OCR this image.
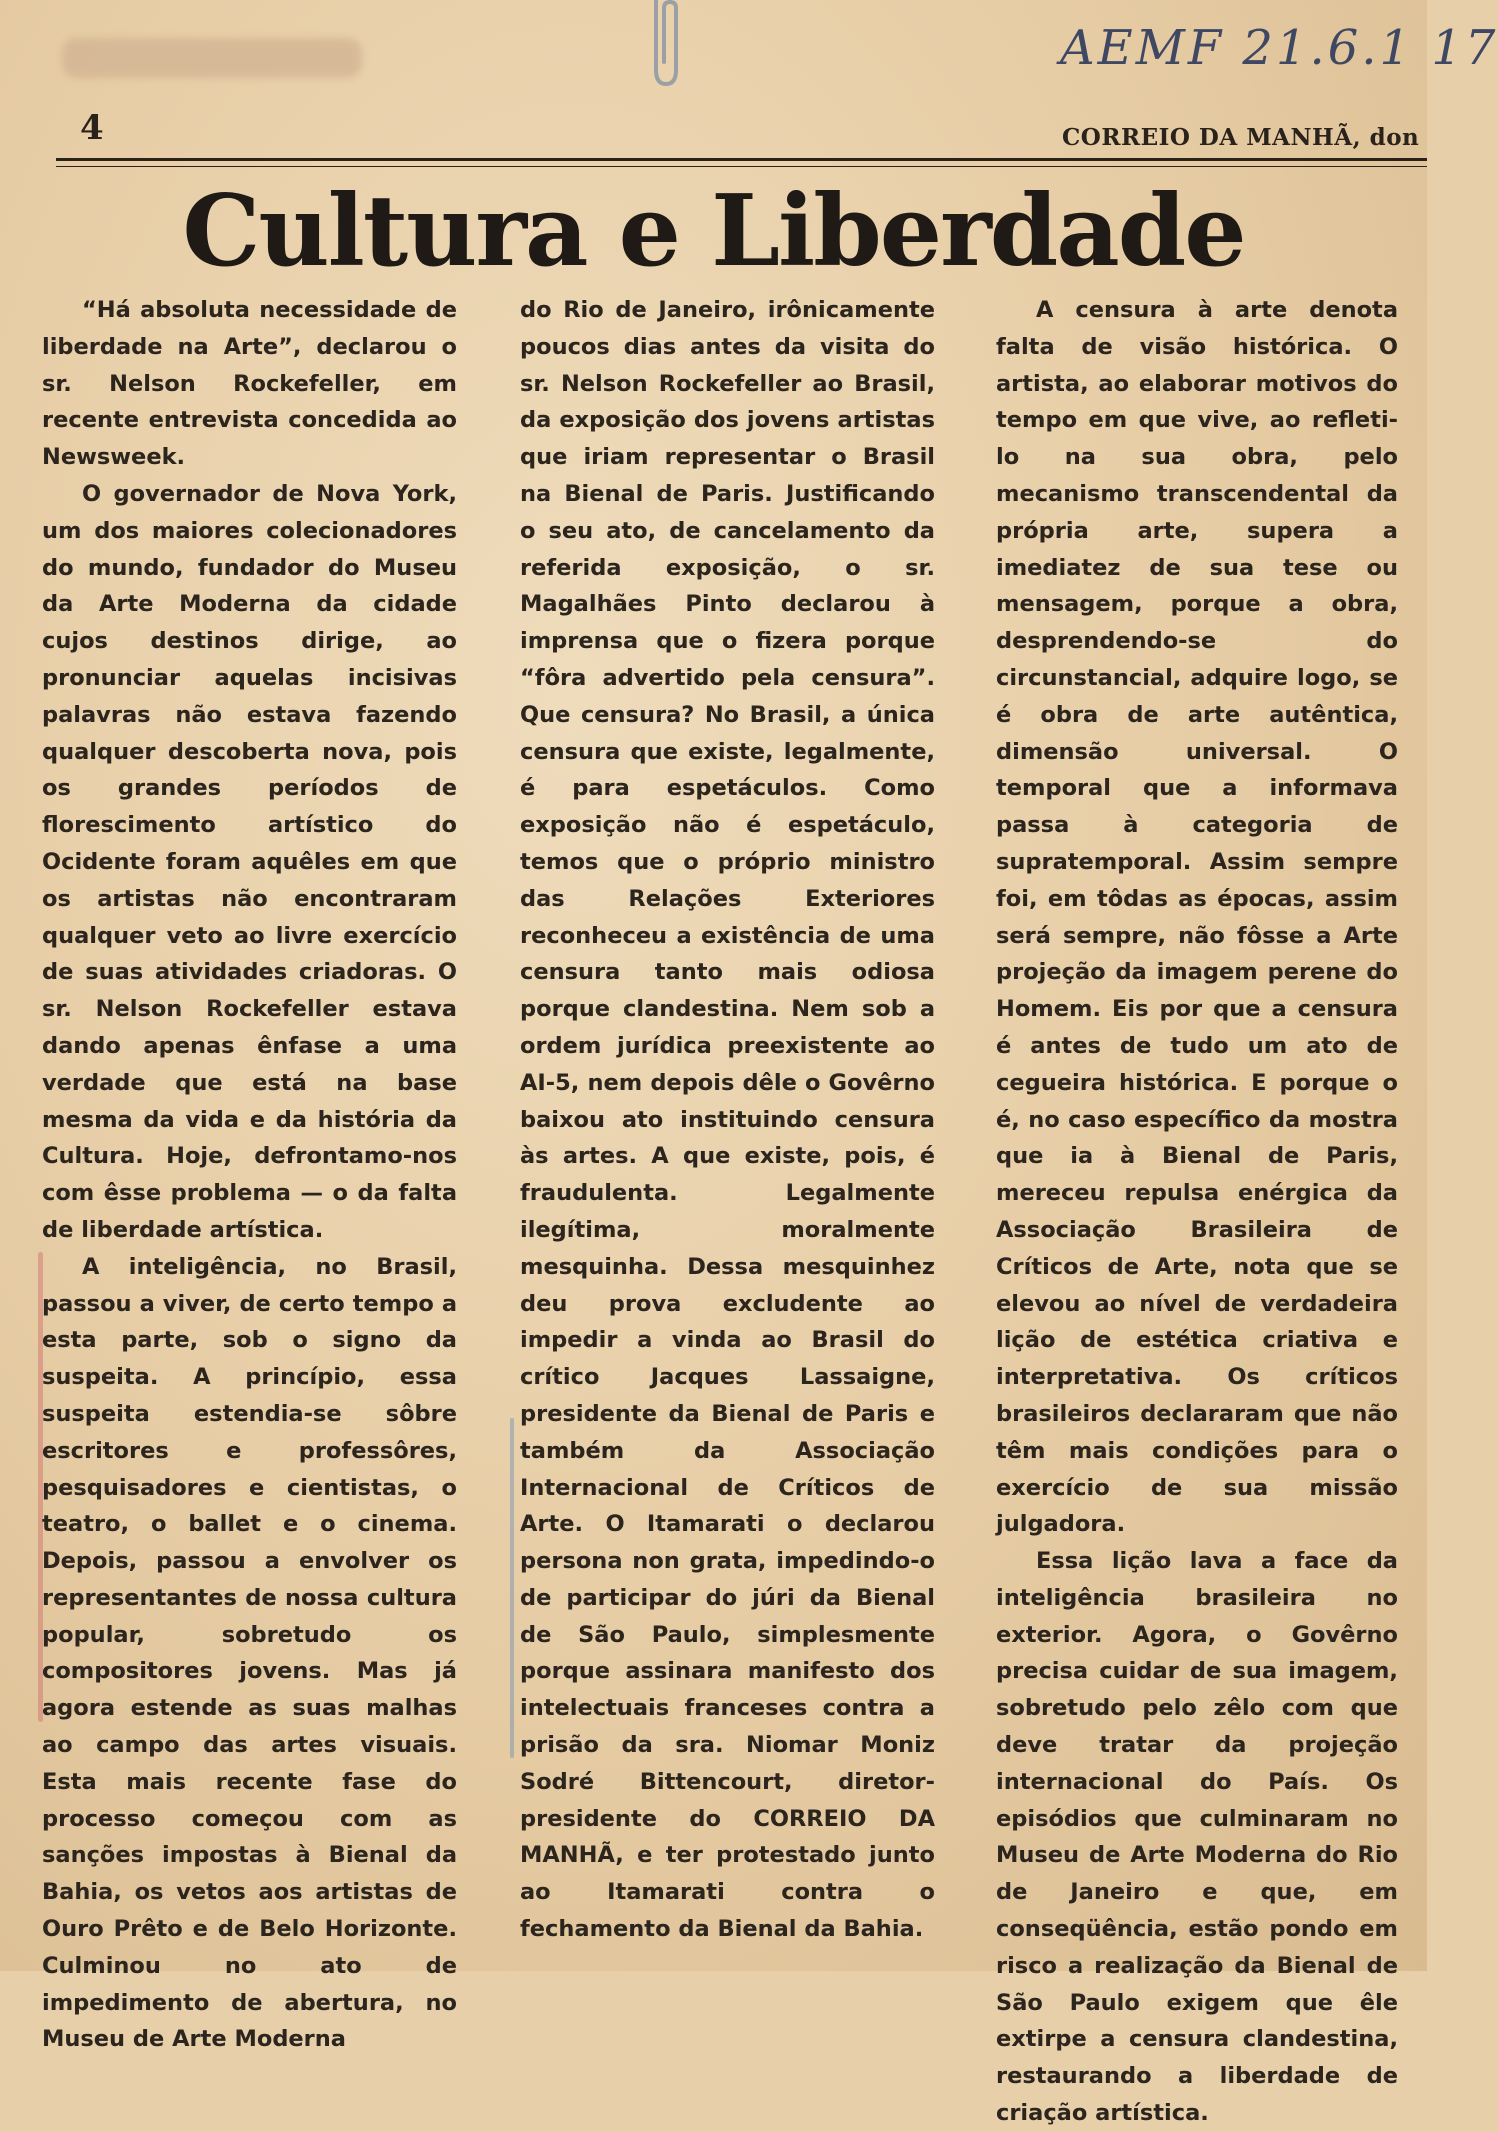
AEMF 21.6.1 17
4	CORREIO DA MANHÃ, don
Cultura e Liberdade

“Há absoluta necessidade de liberdade na Arte”, declarou o sr. Nelson Rockefeller, em recente entrevista concedida ao Newsweek.

O governador de Nova York, um dos maiores colecionadores do mundo, fundador do Museu da Arte Moderna da cidade cujos destinos dirige, ao pronunciar aquelas incisivas palavras não estava fazendo qualquer descoberta nova, pois os grandes períodos de florescimento artístico do Ocidente foram aquêles em que os artistas não encontraram qualquer veto ao livre exercício de suas atividades criadoras. O sr. Nelson Rockefeller estava dando apenas ênfase a uma verdade que está na base mesma da vida e da história da Cultura. Hoje, defrontamo-nos com êsse problema — o da falta de liberdade artística.

A inteligência, no Brasil, passou a viver, de certo tempo a esta parte, sob o signo da suspeita. A princípio, essa suspeita estendia-se sôbre escritores e professôres, pesquisadores e cientistas, o teatro, o ballet e o cinema. Depois, passou a envolver os representantes de nossa cultura popular, sobretudo os compositores jovens. Mas já agora estende as suas malhas ao campo das artes visuais. Esta mais recente fase do processo começou com as sanções impostas à Bienal da Bahia, os vetos aos artistas de Ouro Prêto e de Belo Horizonte. Culminou no ato de impedimento de abertura, no Museu de Arte Moderna

do Rio de Janeiro, irônicamente poucos dias antes da visita do sr. Nelson Rockefeller ao Brasil, da exposição dos jovens artistas que iriam representar o Brasil na Bienal de Paris. Justificando o seu ato, de cancelamento da referida exposição, o sr. Magalhães Pinto declarou à imprensa que o fizera porque “fôra advertido pela censura”. Que censura? No Brasil, a única censura que existe, legalmente, é para espetáculos. Como exposição não é espetáculo, temos que o próprio ministro das Relações Exteriores reconheceu a existência de uma censura tanto mais odiosa porque clandestina. Nem sob a ordem jurídica preexistente ao AI-5, nem depois dêle o Govêrno baixou ato instituindo censura às artes. A que existe, pois, é fraudulenta. Legalmente ilegítima, moralmente mesquinha. Dessa mesquinhez deu prova excludente ao impedir a vinda ao Brasil do crítico Jacques Lassaigne, presidente da Bienal de Paris e também da Associação Internacional de Críticos de Arte. O Itamarati o declarou persona non grata, impedindo-o de participar do júri da Bienal de São Paulo, simplesmente porque assinara manifesto dos intelectuais franceses contra a prisão da sra. Niomar Moniz Sodré Bittencourt, diretor-presidente do CORREIO DA MANHÃ, e ter protestado junto ao Itamarati contra o fechamento da Bienal da Bahia.

A censura à arte denota falta de visão histórica. O artista, ao elaborar motivos do tempo em que vive, ao refleti-lo na sua obra, pelo mecanismo transcendental da própria arte, supera a imediatez de sua tese ou mensagem, porque a obra, desprendendo-se do circunstancial, adquire logo, se é obra de arte autêntica, dimensão universal. O temporal que a informava passa à categoria de supratemporal. Assim sempre foi, em tôdas as épocas, assim será sempre, não fôsse a Arte projeção da imagem perene do Homem. Eis por que a censura é antes de tudo um ato de cegueira histórica. E porque o é, no caso específico da mostra que ia à Bienal de Paris, mereceu repulsa enérgica da Associação Brasileira de Críticos de Arte, nota que se elevou ao nível de verdadeira lição de estética criativa e interpretativa. Os críticos brasileiros declararam que não têm mais condições para o exercício de sua missão julgadora.

Essa lição lava a face da inteligência brasileira no exterior. Agora, o Govêrno precisa cuidar de sua imagem, sobretudo pelo zêlo com que deve tratar da projeção internacional do País. Os episódios que culminaram no Museu de Arte Moderna do Rio de Janeiro e que, em conseqüência, estão pondo em risco a realização da Bienal de São Paulo exigem que êle extirpe a censura clandestina, restaurando a liberdade de criação artística.
